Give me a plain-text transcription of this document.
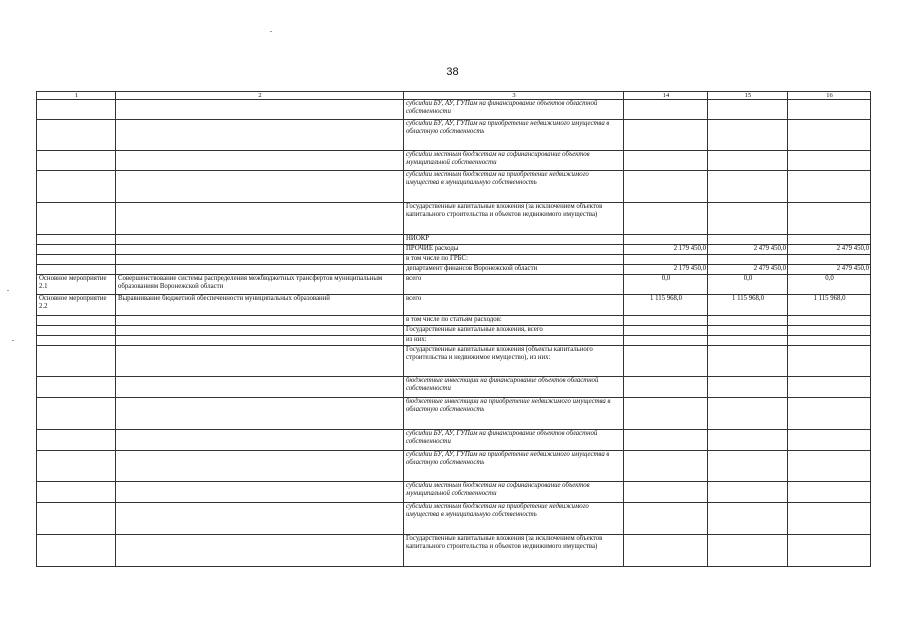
38
1	2	3	14	15	16
		субсидии БУ, АУ, ГУПам на финансирование объектов областной собственности			
		субсидии БУ, АУ, ГУПам на приобретение недвижимого имущества в областную собственность			
		субсидии местным бюджетам на софинансирование объектов муниципальной собственности			
		субсидии местным бюджетам на приобретение недвижимого имущества в муниципальную собственность			
		Государственные капитальные вложения (за исключением объектов капитального строительства и объектов недвижимого имущества)			
		НИОКР			
		ПРОЧИЕ расходы	2 179 450,0	2 479 450,0	2 479 450,0
		в том числе по ГРБС:			
		департамент финансов Воронежской области	2 179 450,0	2 479 450,0	2 479 450,0
Основное мероприятие 2.1	Совершенствование системы распределения межбюджетных трансфертов муниципальным образованиям Воронежской области	всего	0,0	0,0	0,0
Основное мероприятие 2.2	Выравнивание бюджетной обеспеченности муниципальных образований	всего	1 115 968,0	1 115 968,0	1 115 968,0
		в том числе по статьям расходов:			
		Государственные капитальные вложения, всего			
		из них:			
		Государственные капитальные вложения (объекты капитального строительства и недвижимое имущество), из них:			
		бюджетные инвестиции на финансирование объектов областной собственности			
		бюджетные инвестиции на приобретение недвижимого имущества в областную собственность			
		субсидии БУ, АУ, ГУПам на финансирование объектов областной собственности			
		субсидии БУ, АУ, ГУПам на приобретение недвижимого имущества в областную собственность			
		субсидии местным бюджетам на софинансирование объектов муниципальной собственности			
		субсидии местным бюджетам на приобретение недвижимого имущества в муниципальную собственность			
		Государственные капитальные вложения (за исключением объектов капитального строительства и объектов недвижимого имущества)			
